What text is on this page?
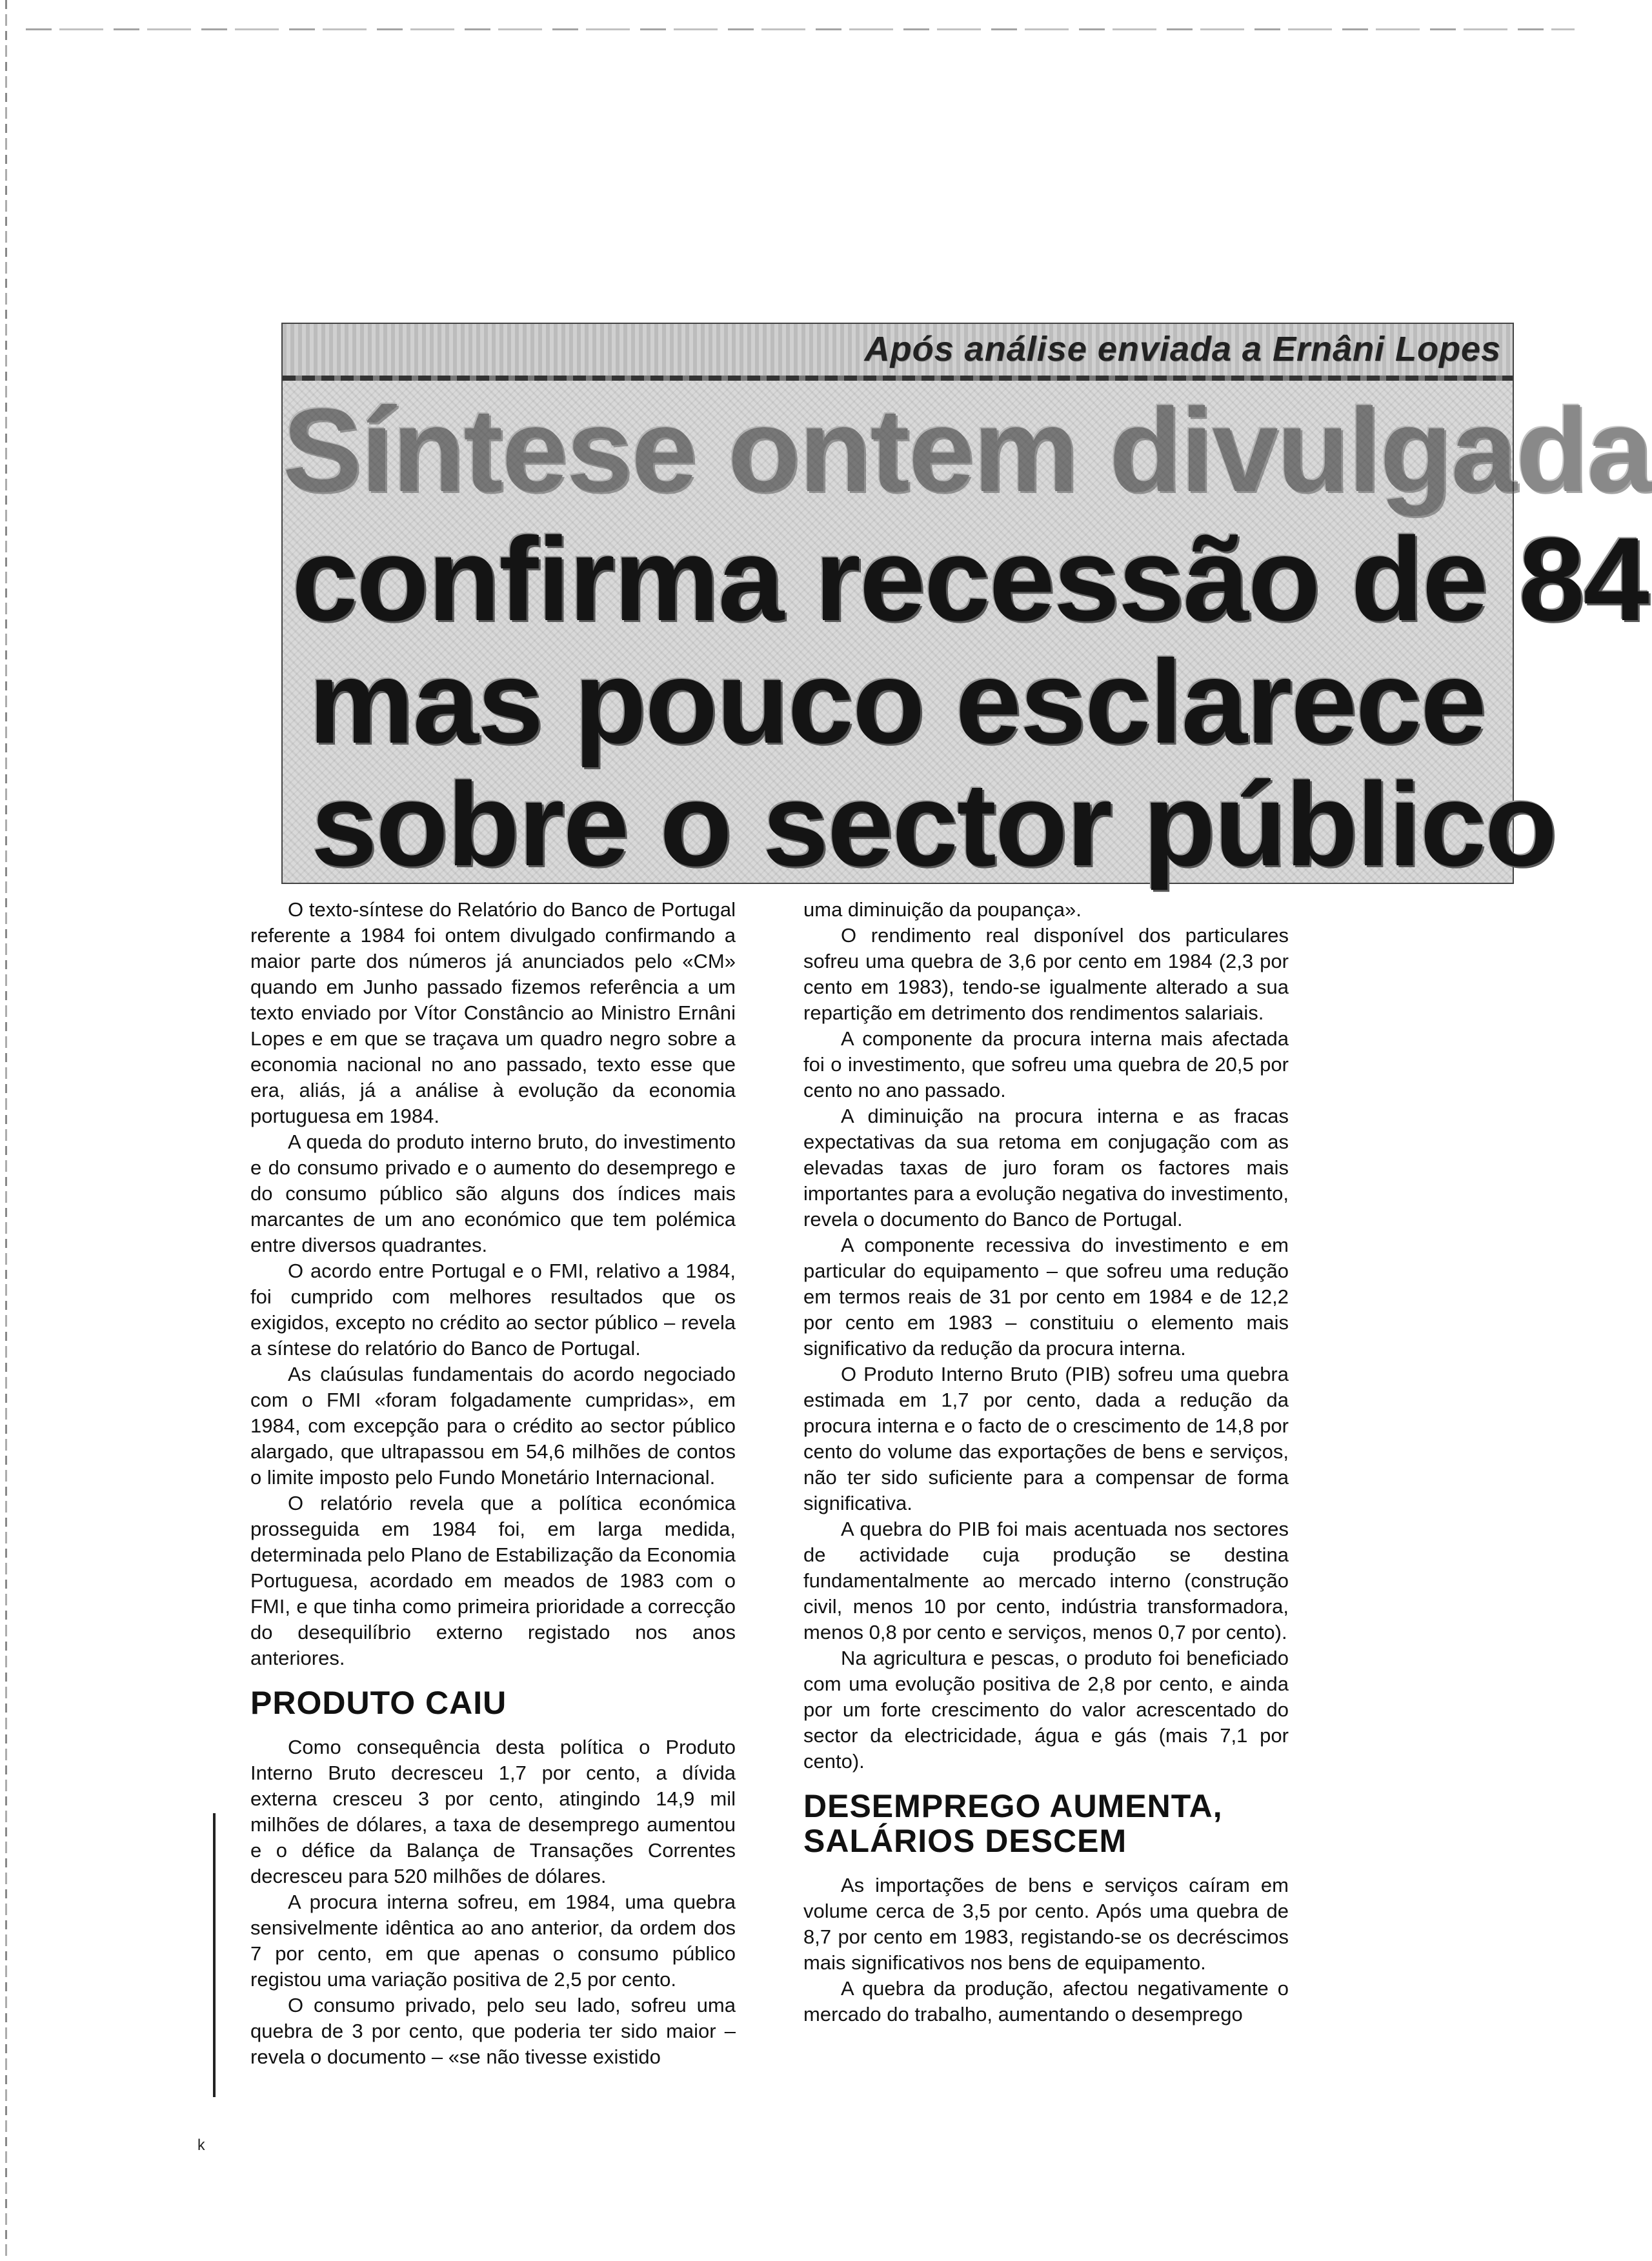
Após análise enviada a Ernâni Lopes
Síntese ontem divulgada
confirma recessão de 84
mas pouco esclarece
sobre o sector público

O texto-síntese do Relatório do Banco de Portugal referente a 1984 foi ontem divulgado confirmando a maior parte dos números já anunciados pelo «CM» quando em Junho passado fizemos referência a um texto enviado por Vítor Constâncio ao Ministro Ernâni Lopes e em que se traçava um quadro negro sobre a economia nacional no ano passado, texto esse que era, aliás, já a análise à evolução da economia portuguesa em 1984.

A queda do produto interno bruto, do investimento e do consumo privado e o aumento do desemprego e do consumo público são alguns dos índices mais marcantes de um ano económico que tem polémica entre diversos quadrantes.

O acordo entre Portugal e o FMI, relativo a 1984, foi cumprido com melhores resultados que os exigidos, excepto no crédito ao sector público – revela a síntese do relatório do Banco de Portugal.

As claúsulas fundamentais do acordo negociado com o FMI «foram folgadamente cumpridas», em 1984, com excepção para o crédito ao sector público alargado, que ultrapassou em 54,6 milhões de contos o limite imposto pelo Fundo Monetário Internacional.

O relatório revela que a política económica prosseguida em 1984 foi, em larga medida, determinada pelo Plano de Estabilização da Economia Portuguesa, acordado em meados de 1983 com o FMI, e que tinha como primeira prioridade a correcção do desequilíbrio externo registado nos anos anteriores.

PRODUTO CAIU

Como consequência desta política o Produto Interno Bruto decresceu 1,7 por cento, a dívida externa cresceu 3 por cento, atingindo 14,9 mil milhões de dólares, a taxa de desemprego aumentou e o défice da Balança de Transações Correntes decresceu para 520 milhões de dólares.

A procura interna sofreu, em 1984, uma quebra sensivelmente idêntica ao ano anterior, da ordem dos 7 por cento, em que apenas o consumo público registou uma variação positiva de 2,5 por cento.

O consumo privado, pelo seu lado, sofreu uma quebra de 3 por cento, que poderia ter sido maior – revela o documento – «se não tivesse existido

uma diminuição da poupança».

O rendimento real disponível dos particulares sofreu uma quebra de 3,6 por cento em 1984 (2,3 por cento em 1983), tendo-se igualmente alterado a sua repartição em detrimento dos rendimentos salariais.

A componente da procura interna mais afectada foi o investimento, que sofreu uma quebra de 20,5 por cento no ano passado.

A diminuição na procura interna e as fracas expectativas da sua retoma em conjugação com as elevadas taxas de juro foram os factores mais importantes para a evolução negativa do investimento, revela o documento do Banco de Portugal.

A componente recessiva do investimento e em particular do equipamento – que sofreu uma redução em termos reais de 31 por cento em 1984 e de 12,2 por cento em 1983 – constituiu o elemento mais significativo da redução da procura interna.

O Produto Interno Bruto (PIB) sofreu uma quebra estimada em 1,7 por cento, dada a redução da procura interna e o facto de o crescimento de 14,8 por cento do volume das exportações de bens e serviços, não ter sido suficiente para a compensar de forma significativa.

A quebra do PIB foi mais acentuada nos sectores de actividade cuja produção se destina fundamentalmente ao mercado interno (construção civil, menos 10 por cento, indústria transformadora, menos 0,8 por cento e serviços, menos 0,7 por cento).

Na agricultura e pescas, o produto foi beneficiado com uma evolução positiva de 2,8 por cento, e ainda por um forte crescimento do valor acrescentado do sector da electricidade, água e gás (mais 7,1 por cento).

DESEMPREGO AUMENTA,
SALÁRIOS DESCEM

As importações de bens e serviços caíram em volume cerca de 3,5 por cento. Após uma quebra de 8,7 por cento em 1983, registando-se os decréscimos mais significativos nos bens de equipamento.

A quebra da produção, afectou negativamente o mercado do trabalho, aumentando o desemprego

ᵏ
